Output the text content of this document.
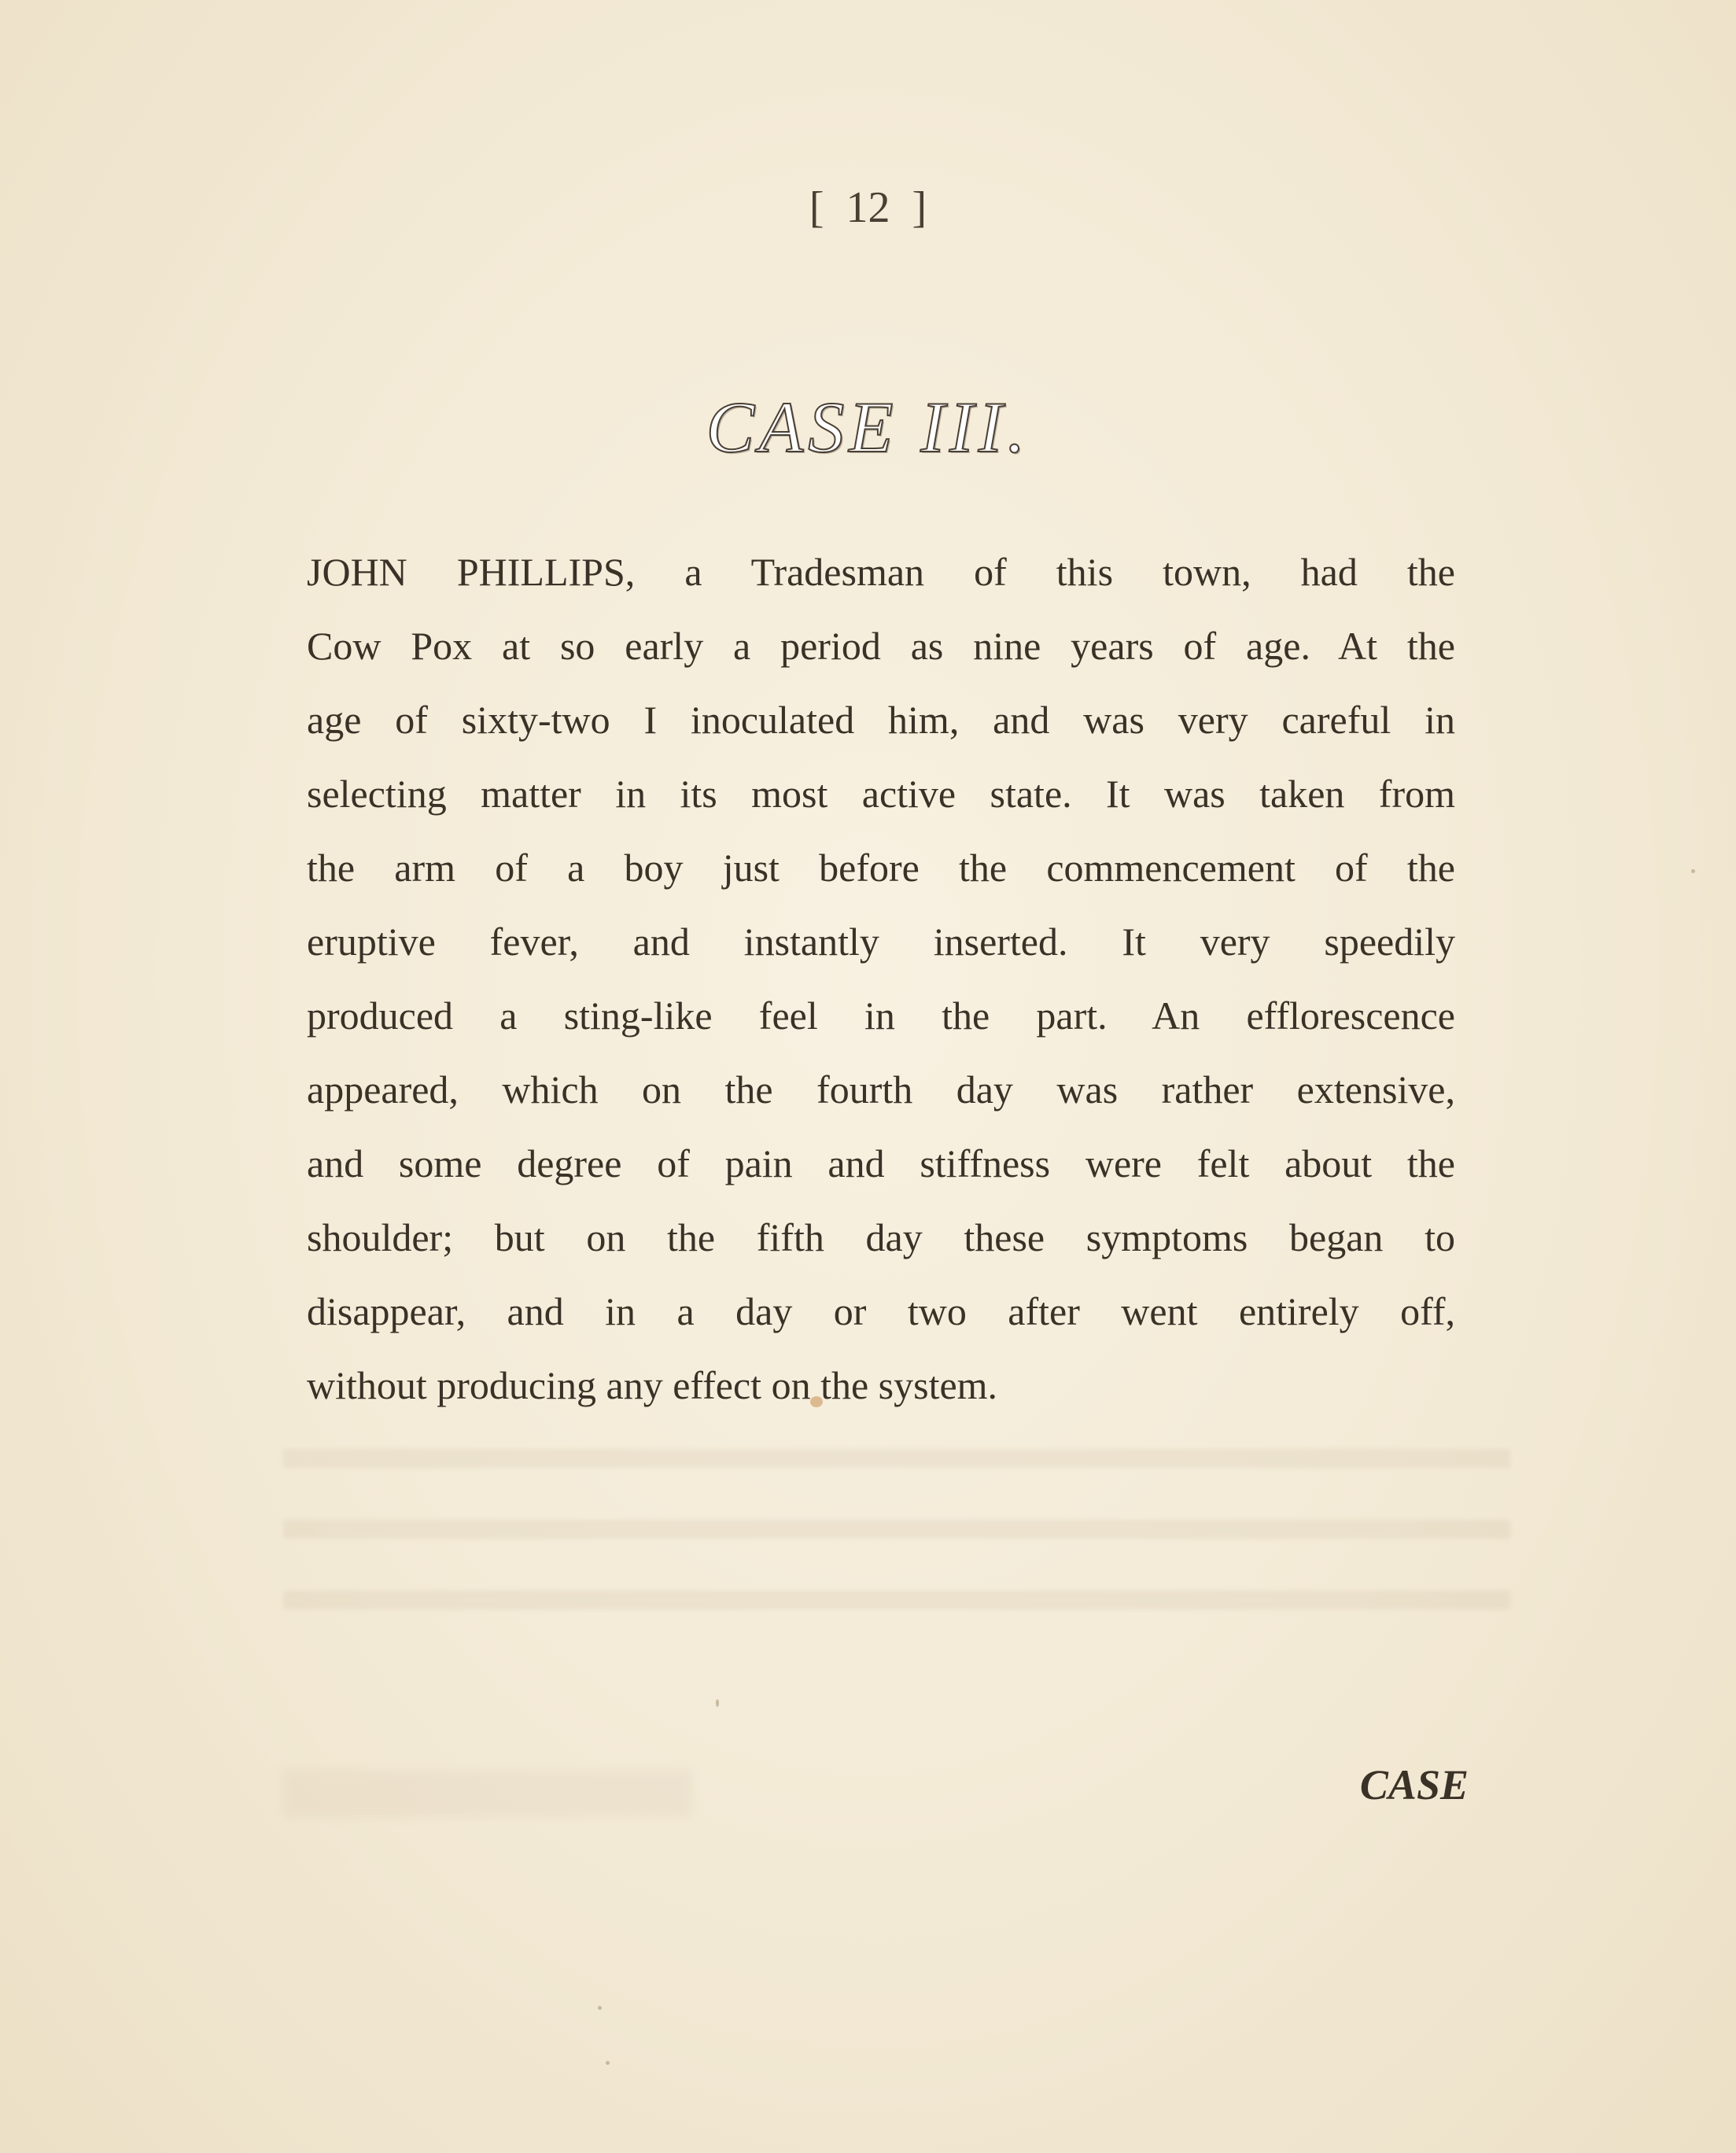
[  12  ]
CASE III.
JOHN PHILLIPS, a Tradesman of this town, had the
Cow Pox at so early a period as nine years of age. At the
age of sixty-two I inoculated him, and was very careful in
selecting matter in its most active state. It was taken from
the arm of a boy just before the commencement of the
eruptive fever, and instantly inserted. It very speedily
produced a sting-like feel in the part. An efflorescence
appeared, which on the fourth day was rather extensive,
and some degree of pain and stiffness were felt about the
shoulder; but on the fifth day these symptoms began to
disappear, and in a day or two after went entirely off,
without producing any effect on the system.
CASE
